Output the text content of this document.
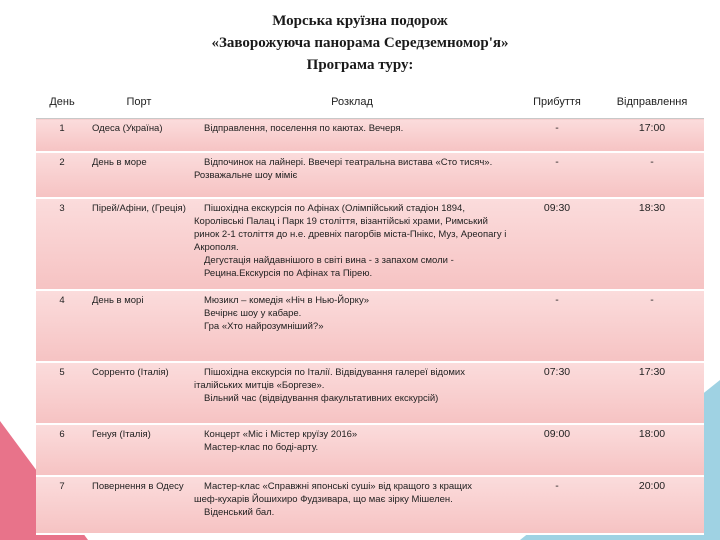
Морська круїзна подорож
«Заворожуюча панорама Середземномор'я»
Програма туру:
День	Порт	Розклад	Прибуття	Відправлення
1	Одеса (Україна)	Відправлення, поселення по каютах. Вечеря.	-	17:00
2	День в море	Відпочинок на лайнері. Ввечері театральна вистава «Сто тисяч».
Розважальне шоу міміє	-	-
3	Пірей/Афіни, (Греція)	Пішохідна екскурсія по Афінах (Олімпійський стадіон 1894,
Королівські Палац і Парк 19 століття, візантійські храми, Римський ринок 2-1 століття до н.е. древніх пагорбів міста-Пнікс, Муз, Ареопагу і Акрополя.
Дегустація найдавнішого в світі вина - з запахом смоли - Рецина.Екскурсія по Афінах та Пірею.	09:30	18:30
4	День в морі	Мюзикл – комедія «Ніч в Нью-Йорку»
Вечірнє шоу у кабаре.
Гра «Хто найрозумніший?»	-	-
5	Сорренто (Італія)	Пішохідна екскурсія по Італії. Відвідування галереї відомих
італійських митців «Боргезе».
Вільний час (відвідування факультативних екскурсій)	07:30	17:30
6	Генуя (Італія)	Концерт «Міс і Містер круїзу 2016»
Мастер-клас по боді-арту.	09:00	18:00
7	Повернення в Одесу	Мастер-клас «Справжні японські суші» від кращого з кращих
шеф-кухарів Йошихиро Фудзивара, що має зірку Мішелен.
Віденський бал.	-	20:00
